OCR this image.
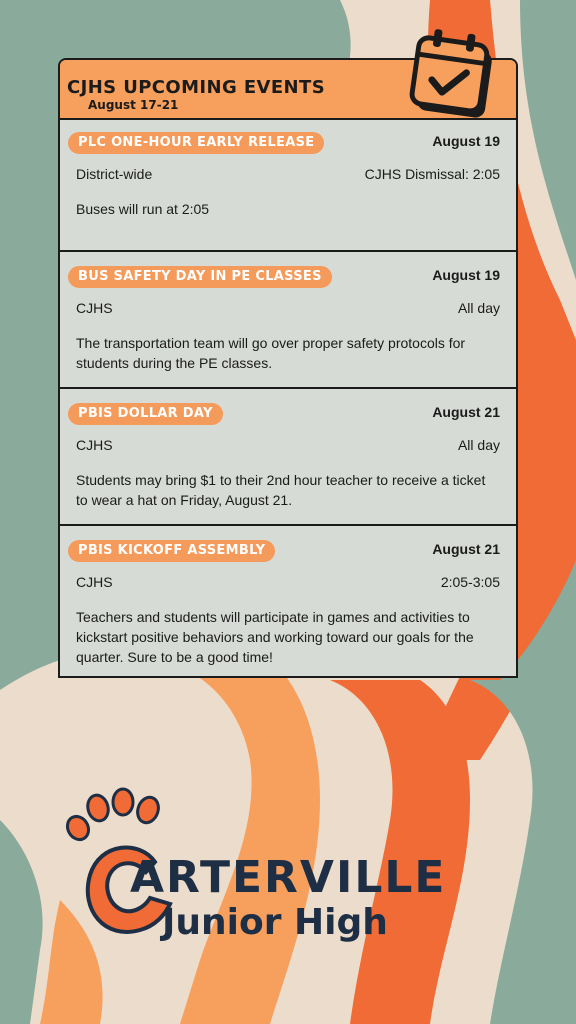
CJHS UPCOMING EVENTS
August 17-21
PLC ONE-HOUR EARLY RELEASE	August 19
District-wide	CJHS Dismissal: 2:05
Buses will run at 2:05
BUS SAFETY DAY IN PE CLASSES	August 19
CJHS	All day
The transportation team will go over proper safety protocols for students during the PE classes.
PBIS DOLLAR DAY	August 21
CJHS	All day
Students may bring $1 to their 2nd hour teacher to receive a ticket to wear a hat on Friday, August 21.
PBIS KICKOFF ASSEMBLY	August 21
CJHS	2:05-3:05
Teachers and students will participate in games and activities to kickstart positive behaviors and working toward our goals for the quarter. Sure to be a good time!
ARTERVILLE
Junior High
